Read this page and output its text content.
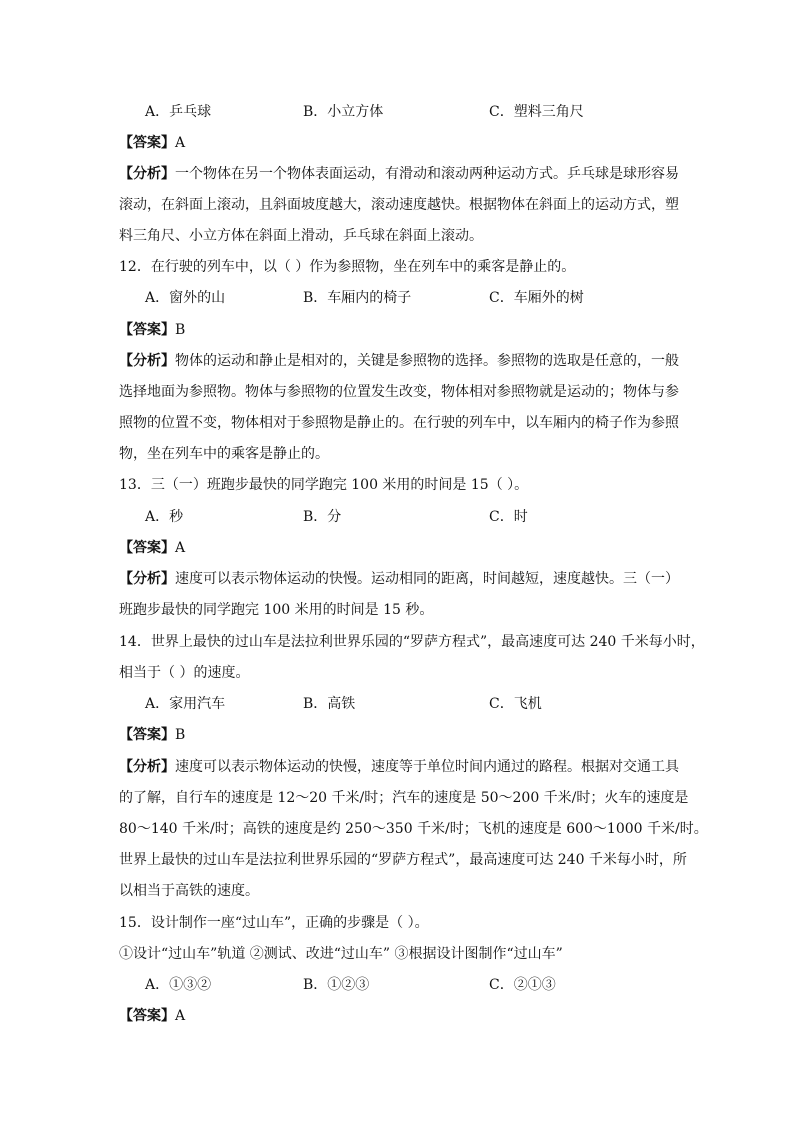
A．乒乓球	B．小立方体	C．塑料三角尺
【答案】A
【分析】一个物体在另一个物体表面运动，有滑动和滚动两种运动方式。乒乓球是球形容易
滚动，在斜面上滚动，且斜面坡度越大，滚动速度越快。根据物体在斜面上的运动方式，塑
料三角尺、小立方体在斜面上滑动，乒乓球在斜面上滚动。
12．在行驶的列车中，以（ ）作为参照物，坐在列车中的乘客是静止的。
A．窗外的山	B．车厢内的椅子	C．车厢外的树
【答案】B
【分析】物体的运动和静止是相对的，关键是参照物的选择。参照物的选取是任意的，一般
选择地面为参照物。物体与参照物的位置发生改变，物体相对参照物就是运动的；物体与参
照物的位置不变，物体相对于参照物是静止的。在行驶的列车中，以车厢内的椅子作为参照
物，坐在列车中的乘客是静止的。
13．三（一）班跑步最快的同学跑完 100 米用的时间是 15（ ）。
A．秒	B．分	C．时
【答案】A
【分析】速度可以表示物体运动的快慢。运动相同的距离，时间越短，速度越快。三（一）
班跑步最快的同学跑完 100 米用的时间是 15 秒。
14．世界上最快的过山车是法拉利世界乐园的“罗萨方程式”，最高速度可达 240 千米每小时，
相当于（ ）的速度。
A．家用汽车	B．高铁	C．飞机
【答案】B
【分析】速度可以表示物体运动的快慢，速度等于单位时间内通过的路程。根据对交通工具
的了解，自行车的速度是 12～20 千米/时；汽车的速度是 50～200 千米/时；火车的速度是
80～140 千米/时；高铁的速度是约 250～350 千米/时；飞机的速度是 600～1000 千米/时。
世界上最快的过山车是法拉利世界乐园的“罗萨方程式”，最高速度可达 240 千米每小时，所
以相当于高铁的速度。
15．设计制作一座“过山车”，正确的步骤是（ ）。
①设计“过山车”轨道 ②测试、改进“过山车” ③根据设计图制作“过山车”
A．①③②	B．①②③	C．②①③
【答案】A
